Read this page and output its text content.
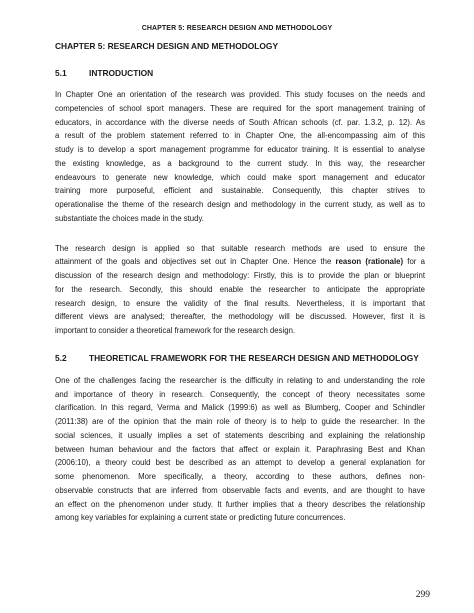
CHAPTER 5: RESEARCH DESIGN AND METHODOLOGY
CHAPTER 5: RESEARCH DESIGN AND METHODOLOGY
5.1	INTRODUCTION
In Chapter One an orientation of the research was provided. This study focuses on the needs and
competencies of school sport managers. These are required for the sport management training of
educators, in accordance with the diverse needs of South African schools (cf. par. 1.3.2, p. 12). As
a result of the problem statement referred to in Chapter One, the all-encompassing aim of this
study is to develop a sport management programme for educator training. It is essential to analyse
the existing knowledge, as a background to the current study. In this way, the researcher
endeavours to generate new knowledge, which could make sport management and educator
training more purposeful, efficient and sustainable. Consequently, this chapter strives to
operationalise the theme of the research design and methodology in the current study, as well as to
substantiate the choices made in the study.
The research design is applied so that suitable research methods are used to ensure the
attainment of the goals and objectives set out in Chapter One. Hence the reason (rationale) for a
discussion of the research design and methodology: Firstly, this is to provide the plan or blueprint
for the research. Secondly, this should enable the researcher to anticipate the appropriate
research design, to ensure the validity of the final results. Nevertheless, it is important that
different views are analysed; thereafter, the methodology will be discussed. However, first it is
important to consider a theoretical framework for the research design.
5.2	THEORETICAL FRAMEWORK FOR THE RESEARCH DESIGN AND METHODOLOGY
One of the challenges facing the researcher is the difficulty in relating to and understanding the role
and importance of theory in research. Consequently, the concept of theory necessitates some
clarification. In this regard, Verma and Malick (1999:6) as well as Blumberg, Cooper and Schindler
(2011:38) are of the opinion that the main role of theory is to help to guide the researcher. In the
social sciences, it usually implies a set of statements describing and explaining the relationship
between human behaviour and the factors that affect or explain it. Paraphrasing Best and Khan
(2006:10), a theory could best be described as an attempt to develop a general explanation for
some phenomenon. More specifically, a theory, according to these authors, defines non-
observable constructs that are inferred from observable facts and events, and are thought to have
an effect on the phenomenon under study. It further implies that a theory describes the relationship
among key variables for explaining a current state or predicting future concurrences.
299
